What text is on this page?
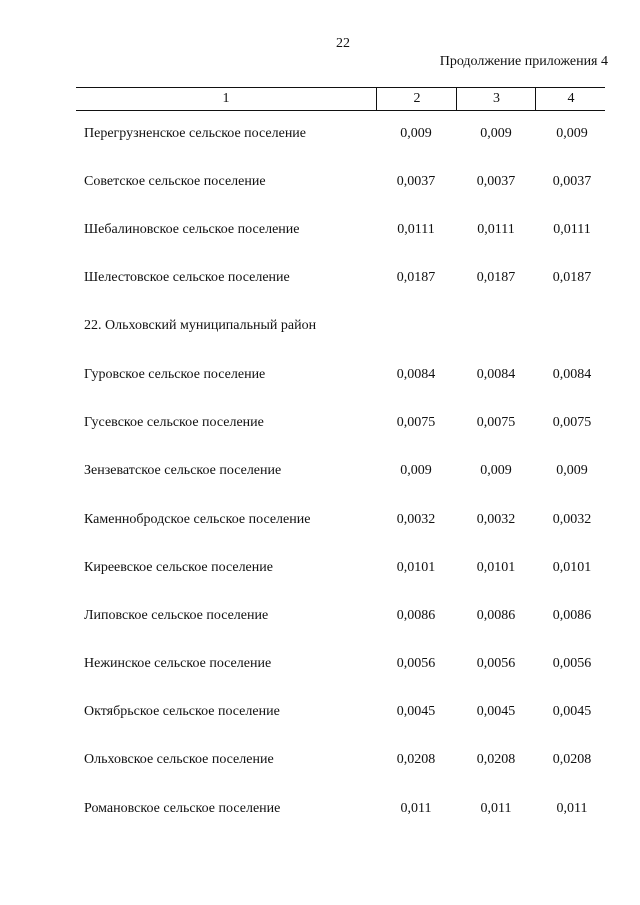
22
Продолжение приложения 4
1	2	3	4
Перегрузненское сельское поселение	0,009	0,009	0,009
Советское сельское поселение	0,0037	0,0037	0,0037
Шебалиновское сельское поселение	0,0111	0,0111	0,0111
Шелестовское сельское поселение	0,0187	0,0187	0,0187
22. Ольховский муниципальный район
Гуровское сельское поселение	0,0084	0,0084	0,0084
Гусевское сельское поселение	0,0075	0,0075	0,0075
Зензеватское сельское поселение	0,009	0,009	0,009
Каменнобродское сельское поселение	0,0032	0,0032	0,0032
Киреевское сельское поселение	0,0101	0,0101	0,0101
Липовское сельское поселение	0,0086	0,0086	0,0086
Нежинское сельское поселение	0,0056	0,0056	0,0056
Октябрьское сельское поселение	0,0045	0,0045	0,0045
Ольховское сельское поселение	0,0208	0,0208	0,0208
Романовское сельское поселение	0,011	0,011	0,011
